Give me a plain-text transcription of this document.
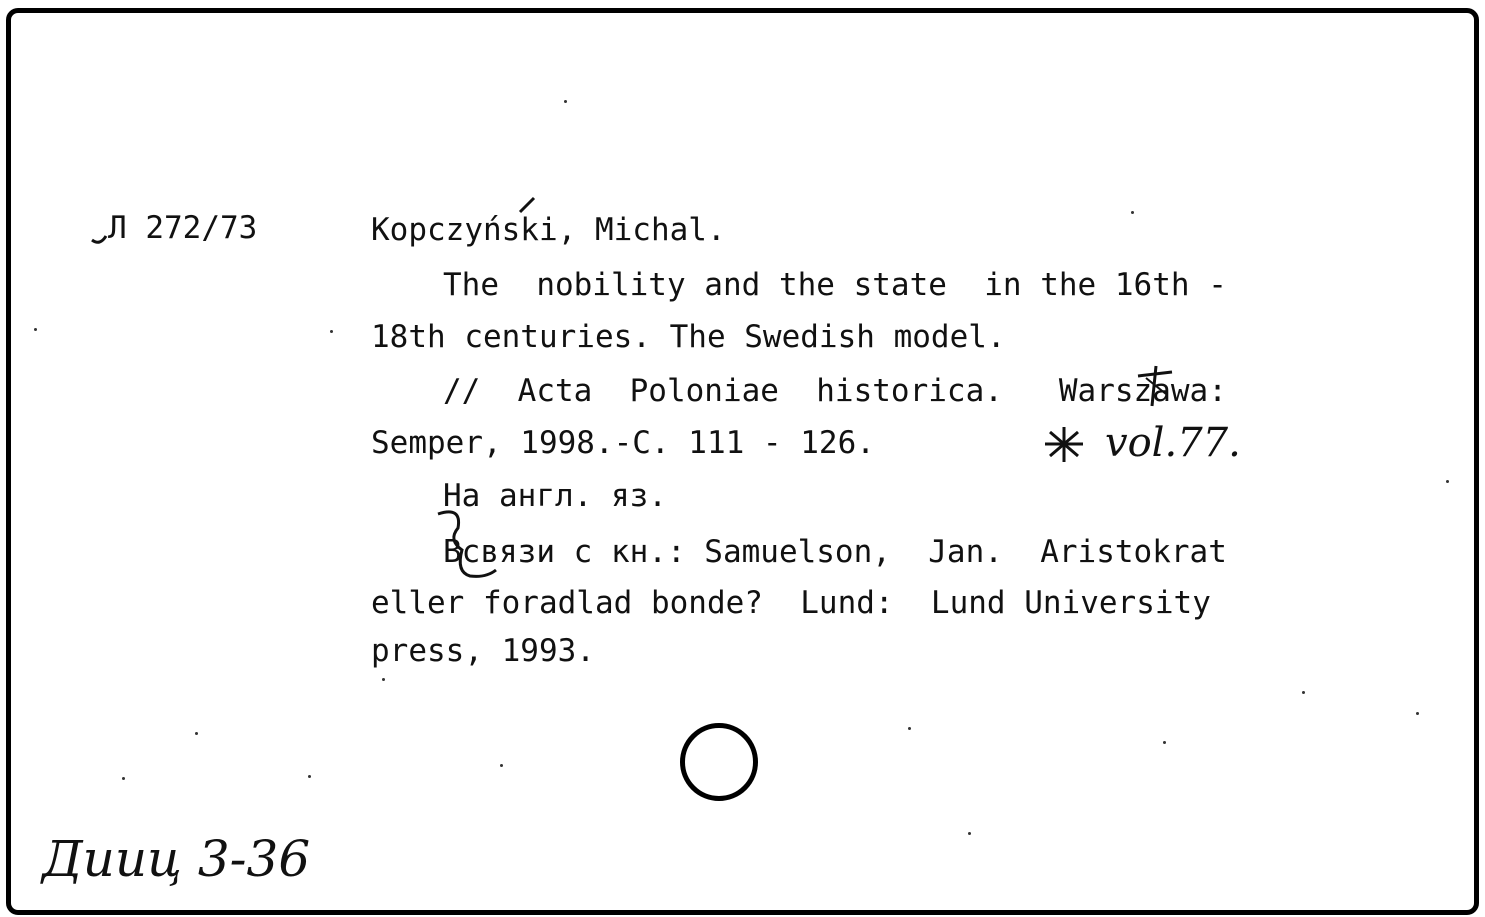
Л 272/73	Kopczyński, Michal.
The  nobility and the state  in the 16th -
18th centuries. The Swedish model.
//  Acta  Poloniae  historica.   Warszawa:
Semper, 1998.-C. 111 - 126.
На англ. яз.
Всвязи с кн.: Samuelson,  Jan.  Aristokrat
eller foradlad bonde?  Lund:  Lund University
press, 1993.
vol.77.
Дииц 3-36
